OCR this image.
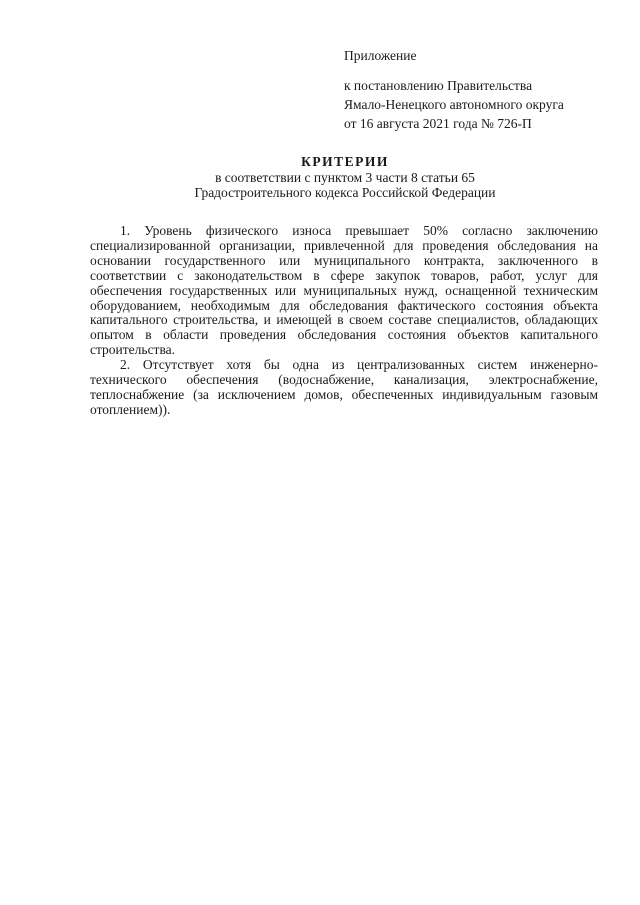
Приложение
к постановлению Правительства
Ямало-Ненецкого автономного округа
от 16 августа 2021 года № 726-П
КРИТЕРИИ
в соответствии с пунктом 3 части 8 статьи 65
Градостроительного кодекса Российской Федерации

1. Уровень физического износа превышает 50% согласно заключению специализированной организации, привлеченной для проведения обследования на основании государственного или муниципального контракта, заключенного в соответствии с законодательством в сфере закупок товаров, работ, услуг для обеспечения государственных или муниципальных нужд, оснащенной техническим оборудованием, необходимым для обследования фактического состояния объекта капитального строительства, и имеющей в своем составе специалистов, обладающих опытом в области проведения обследования состояния объектов капитального строительства.

2. Отсутствует хотя бы одна из централизованных систем инженерно-технического обеспечения (водоснабжение, канализация, электроснабжение, теплоснабжение (за исключением домов, обеспеченных индивидуальным газовым отоплением)).
